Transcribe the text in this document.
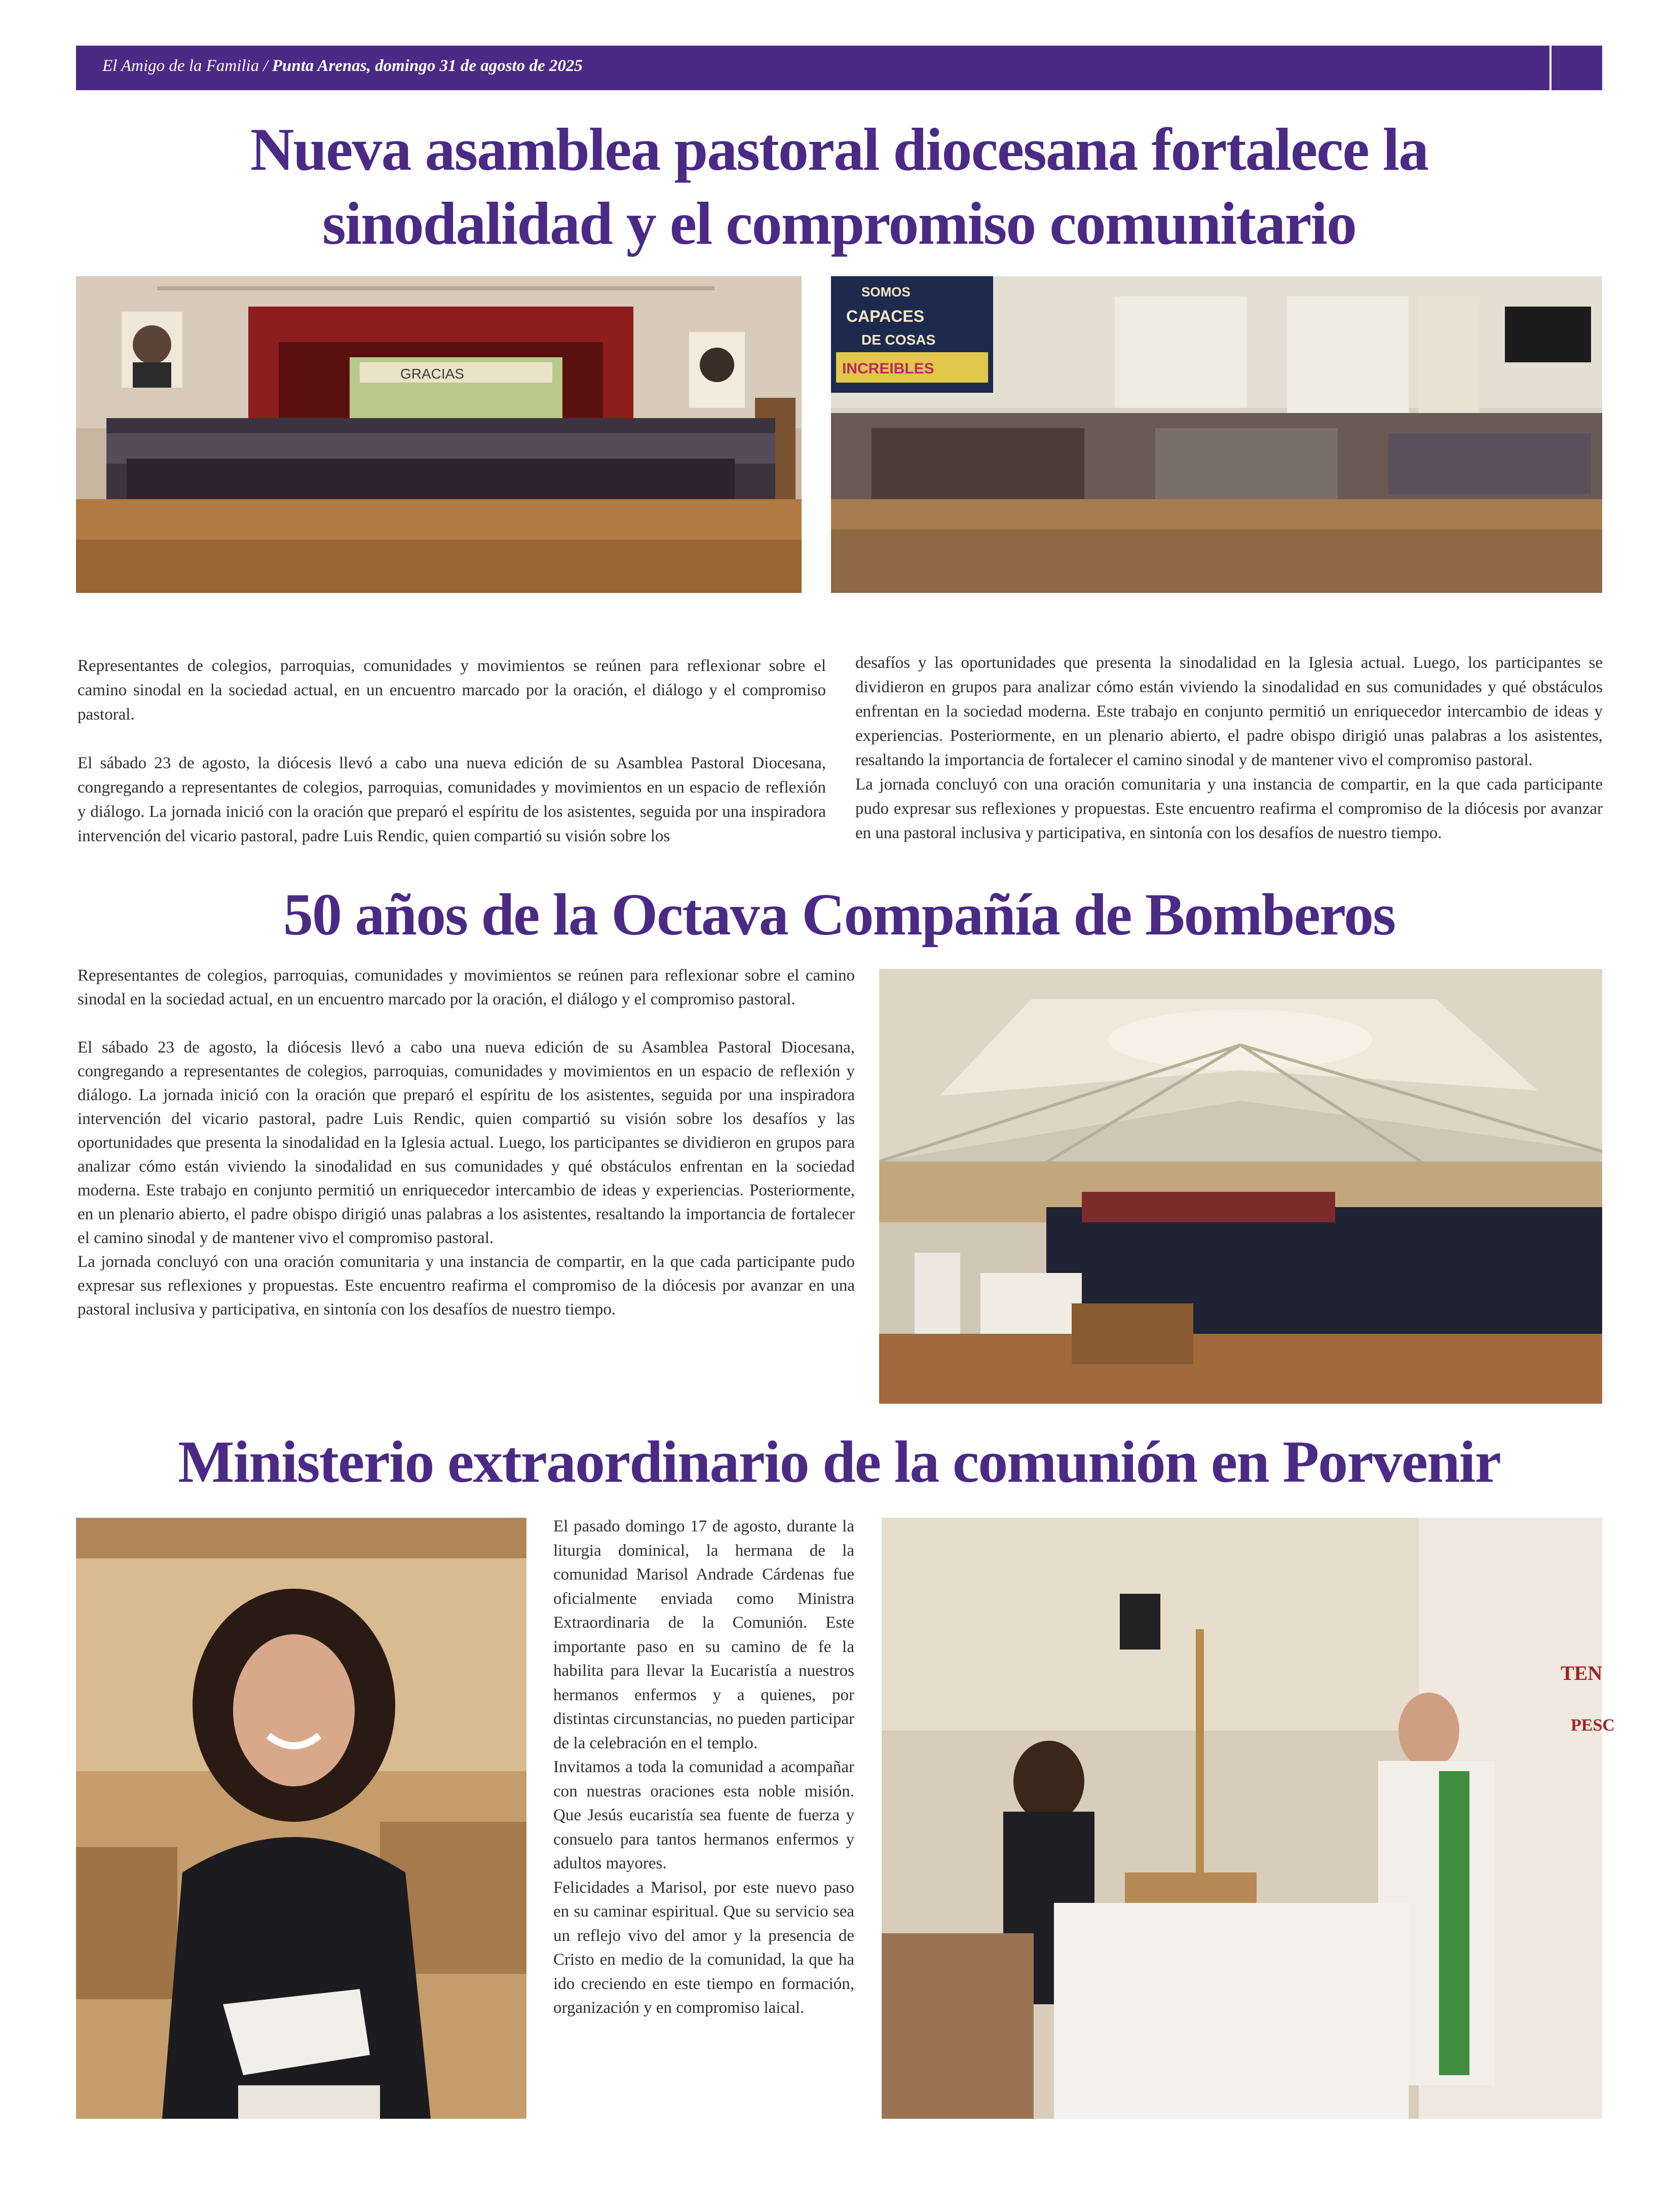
El Amigo de la Familia / Punta Arenas, domingo 31 de agosto de 2025
Nueva asamblea pastoral diocesana fortalece la
sinodalidad y el compromiso comunitario
GRACIAS
SOMOS
CAPACES
DE COSAS
INCREIBLES

Representantes de colegios, parroquias, comunidades y movimientos se reúnen para reflexionar sobre el camino sinodal en la sociedad actual, en un encuentro marcado por la oración, el diálogo y el compromiso pastoral.

El sábado 23 de agosto, la diócesis llevó a cabo una nueva edición de su Asamblea Pastoral Diocesana, congregando a representantes de colegios, parroquias, comunidades y movimientos en un espacio de reflexión y diálogo. La jornada inició con la oración que preparó el espíritu de los asistentes, seguida por una inspiradora intervención del vicario pastoral, padre Luis Rendic, quien compartió su visión sobre los

desafíos y las oportunidades que presenta la sinodalidad en la Iglesia actual. Luego, los participantes se dividieron en grupos para analizar cómo están viviendo la sinodalidad en sus comunidades y qué obstáculos enfrentan en la sociedad moderna. Este trabajo en conjunto permitió un enriquecedor intercambio de ideas y experiencias. Posteriormente, en un plenario abierto, el padre obispo dirigió unas palabras a los asistentes, resaltando la importancia de fortalecer el camino sinodal y de mantener vivo el compromiso pastoral.

La jornada concluyó con una oración comunitaria y una instancia de compartir, en la que cada participante pudo expresar sus reflexiones y propuestas. Este encuentro reafirma el compromiso de la diócesis por avanzar en una pastoral inclusiva y participativa, en sintonía con los desafíos de nuestro tiempo.

50 años de la Octava Compañía de Bomberos

Representantes de colegios, parroquias, comunidades y movimientos se reúnen para reflexionar sobre el camino sinodal en la sociedad actual, en un encuentro marcado por la oración, el diálogo y el compromiso pastoral.

El sábado 23 de agosto, la diócesis llevó a cabo una nueva edición de su Asamblea Pastoral Diocesana, congregando a representantes de colegios, parroquias, comunidades y movimientos en un espacio de reflexión y diálogo. La jornada inició con la oración que preparó el espíritu de los asistentes, seguida por una inspiradora intervención del vicario pastoral, padre Luis Rendic, quien compartió su visión sobre los desafíos y las oportunidades que presenta la sinodalidad en la Iglesia actual. Luego, los participantes se dividieron en grupos para analizar cómo están viviendo la sinodalidad en sus comunidades y qué obstáculos enfrentan en la sociedad moderna. Este trabajo en conjunto permitió un enriquecedor intercambio de ideas y experiencias. Posteriormente, en un plenario abierto, el padre obispo dirigió unas palabras a los asistentes, resaltando la importancia de fortalecer el camino sinodal y de mantener vivo el compromiso pastoral.

La jornada concluyó con una oración comunitaria y una instancia de compartir, en la que cada participante pudo expresar sus reflexiones y propuestas. Este encuentro reafirma el compromiso de la diócesis por avanzar en una pastoral inclusiva y participativa, en sintonía con los desafíos de nuestro tiempo.

Ministerio extraordinario de la comunión en Porvenir

El pasado domingo 17 de agosto, durante la liturgia dominical, la hermana de la comunidad Marisol Andrade Cárdenas fue oficialmente enviada como Ministra Extraordinaria de la Comunión. Este importante paso en su camino de fe la habilita para llevar la Eucaristía a nuestros hermanos enfermos y a quienes, por distintas circunstancias, no pueden participar de la celebración en el templo.

Invitamos a toda la comunidad a acompañar con nuestras oraciones esta noble misión. Que Jesús eucaristía sea fuente de fuerza y consuelo para tantos hermanos enfermos y adultos mayores.

Felicidades a Marisol, por este nuevo paso en su caminar espiritual. Que su servicio sea un reflejo vivo del amor y la presencia de Cristo en medio de la comunidad, la que ha ido creciendo en este tiempo en formación, organización y en compromiso laical.

TEN
PESC
